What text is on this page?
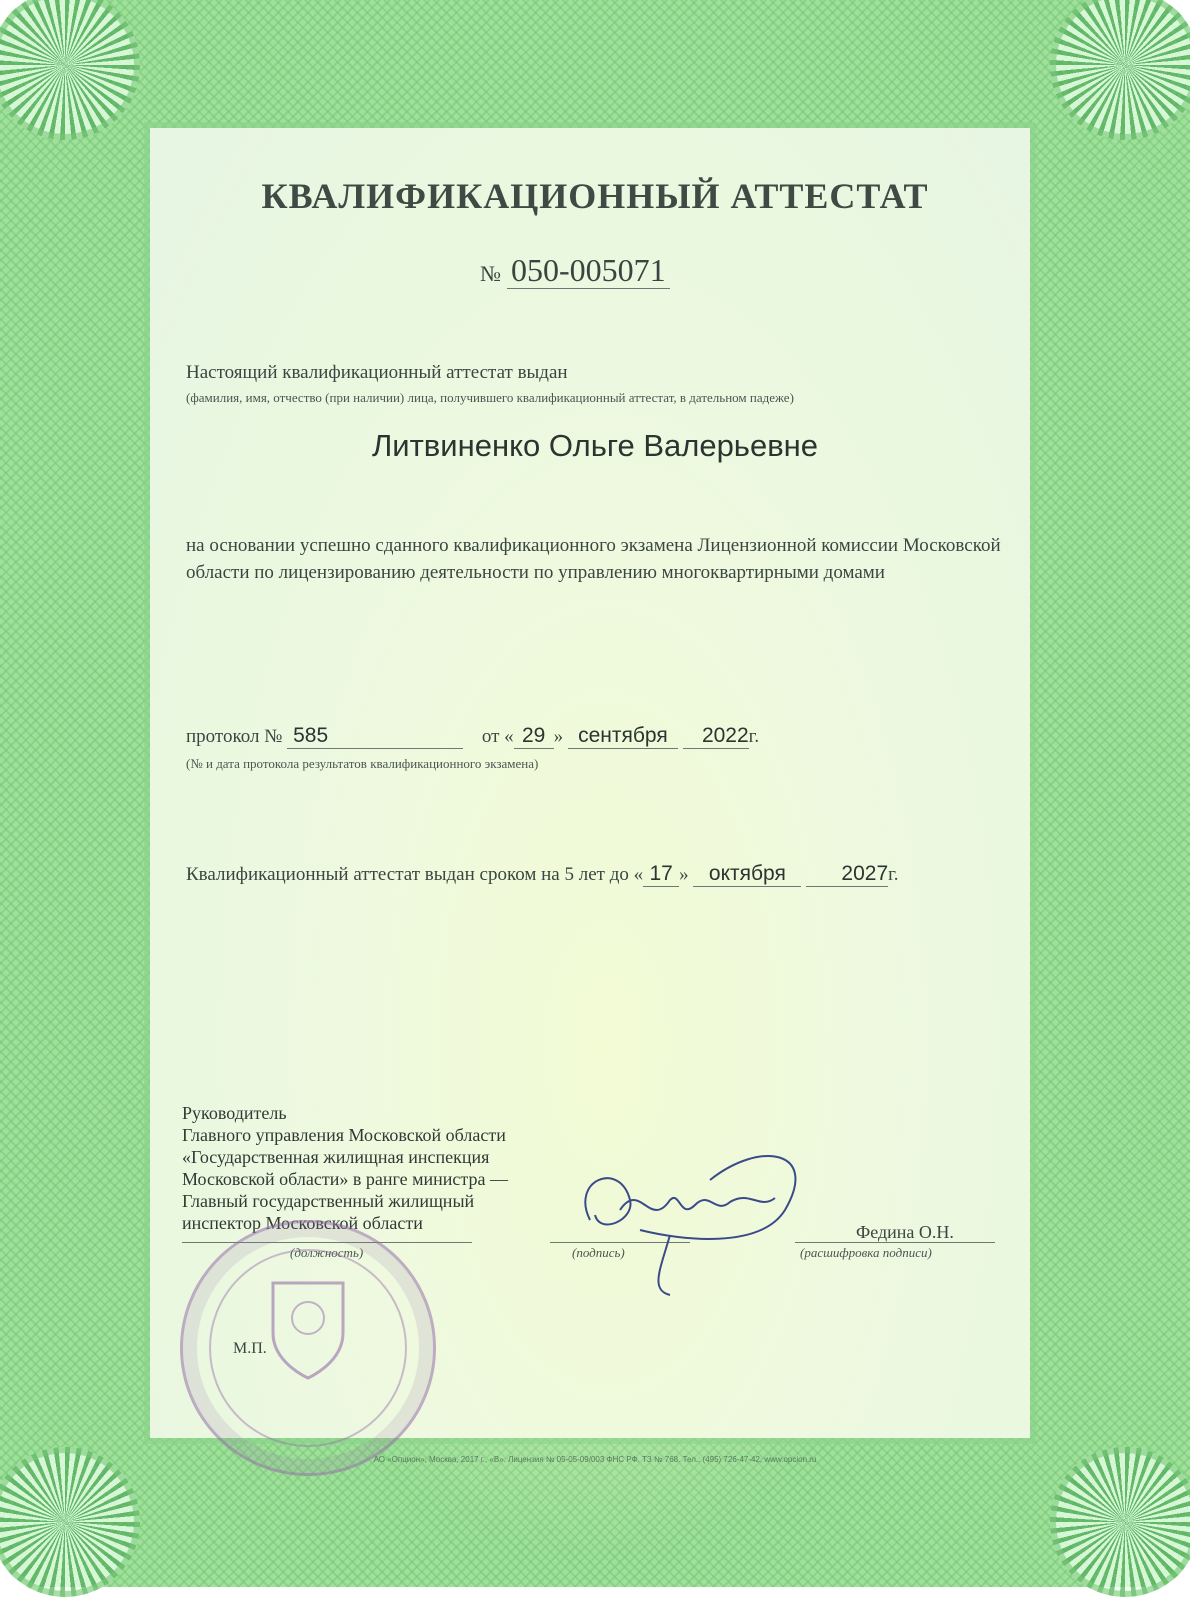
КВАЛИФИКАЦИОННЫЙ АТТЕСТАТ
№ 050-005071
Настоящий квалификационный аттестат выдан
(фамилия, имя, отчество (при наличии) лица, получившего квалификационный аттестат, в дательном падеже)
Литвиненко Ольге Валерьевне
на основании успешно сданного квалификационного экзамена Лицензионной комиссии Московской области по лицензированию деятельности по управлению многоквартирными домами
протокол № 585	от « 29 » сентября 2022г.
(№ и дата протокола результатов квалификационного экзамена)
Квалификационный аттестат выдан сроком на 5 лет до « 17 » октября	2027г.
Руководитель
Главного управления Московской области
«Государственная жилищная инспекция
Московской области» в ранге министра —
Главный государственный жилищный
инспектор Московской области
(должность)	(подпись)
Федина О.Н.
(расшифровка подписи)
М.П.
АО «Опцион», Москва, 2017 г., «В». Лицензия № 05-05-09/003 ФНС РФ. ТЗ № 768. Тел.: (495) 726-47-42, www.opcion.ru
